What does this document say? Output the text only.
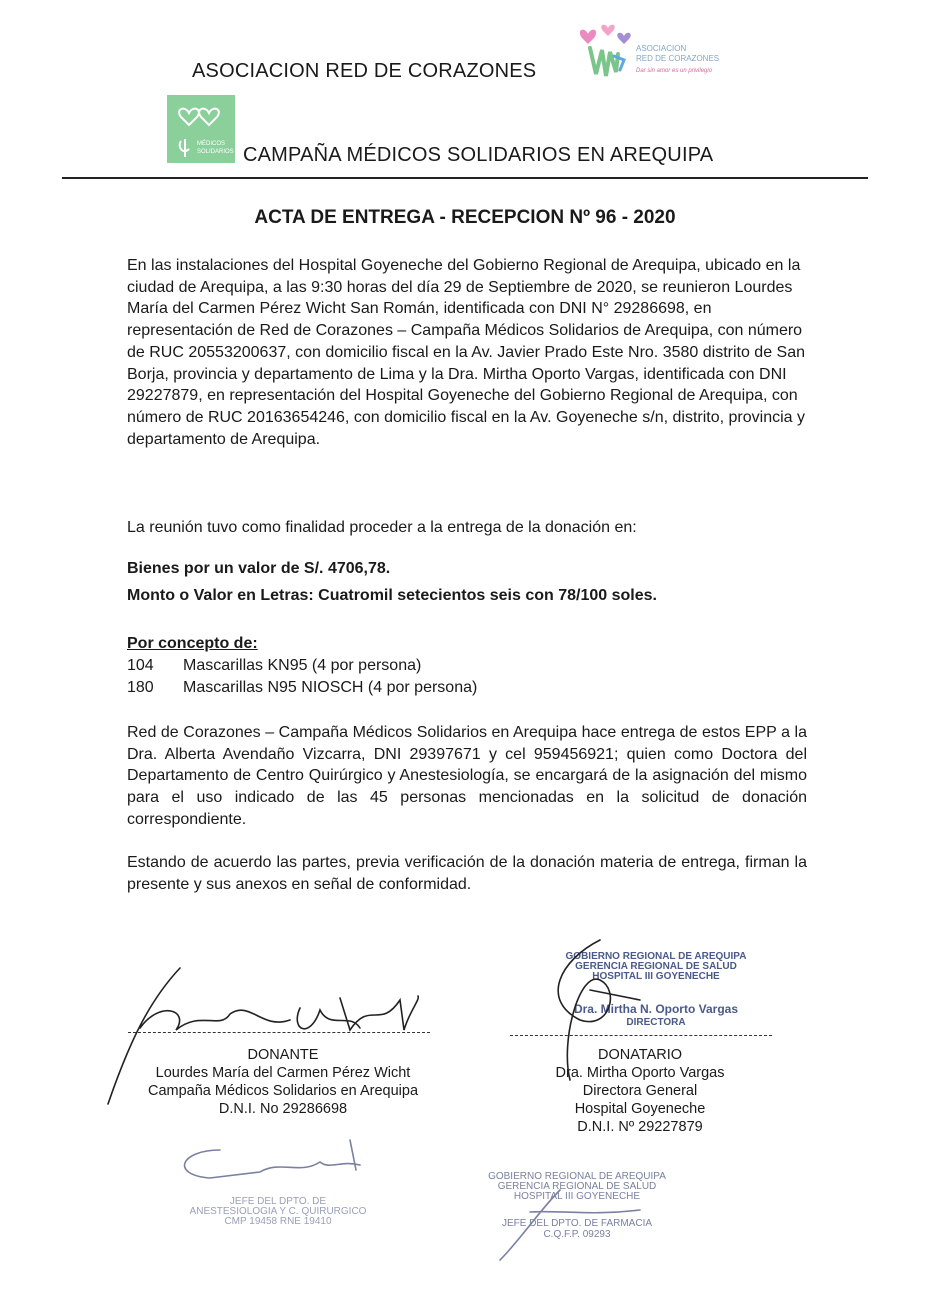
ASOCIACION RED DE CORAZONES
ASOCIACION
RED DE CORAZONES
Dar sin amor es un privilegio
MÉDICOS
SOLIDARIOS CAMPAÑA MÉDICOS SOLIDARIOS EN AREQUIPA
ACTA DE ENTREGA - RECEPCION Nº 96 - 2020
En las instalaciones del Hospital Goyeneche del Gobierno Regional de Arequipa, ubicado en la ciudad de Arequipa, a las 9:30 horas del día 29 de Septiembre de 2020, se reunieron Lourdes María del Carmen Pérez Wicht San Román, identificada con DNI N° 29286698, en representación de Red de Corazones – Campaña Médicos Solidarios de Arequipa, con número de RUC 20553200637, con domicilio fiscal en la Av. Javier Prado Este Nro. 3580 distrito de San Borja, provincia y departamento de Lima y la Dra. Mirtha Oporto Vargas, identificada con DNI 29227879, en representación del Hospital Goyeneche del Gobierno Regional de Arequipa, con número de RUC 20163654246, con domicilio fiscal en la Av. Goyeneche s/n, distrito, provincia y departamento de Arequipa.
La reunión tuvo como finalidad proceder a la entrega de la donación en:
Bienes por un valor de S/. 4706,78.
Monto o Valor en Letras: Cuatromil setecientos seis con 78/100 soles.
Por concepto de:
104 Mascarillas KN95 (4 por persona)
180 Mascarillas N95 NIOSCH (4 por persona)
Red de Corazones – Campaña Médicos Solidarios en Arequipa hace entrega de estos EPP a la Dra. Alberta Avendaño Vizcarra, DNI 29397671 y cel 959456921; quien como Doctora del Departamento de Centro Quirúrgico y Anestesiología, se encargará de la asignación del mismo para el uso indicado de las 45 personas mencionadas en la solicitud de donación correspondiente.
Estando de acuerdo las partes, previa verificación de la donación materia de entrega, firman la presente y sus anexos en señal de conformidad.
GOBIERNO REGIONAL DE AREQUIPA
GERENCIA REGIONAL DE SALUD
HOSPITAL III GOYENECHE
Dra. Mirtha N. Oporto Vargas
DIRECTORA
GOBIERNO REGIONAL DE AREQUIPA
GERENCIA REGIONAL DE SALUD
HOSPITAL III GOYENECHE
JEFE DEL DPTO. DE FARMACIA
C.Q.F.P. 09293
JEFE DEL DPTO. DE
ANESTESIOLOGIA Y C. QUIRURGICO
CMP 19458 RNE 19410
DONANTE
Lourdes María del Carmen Pérez Wicht
Campaña Médicos Solidarios en Arequipa
D.N.I. No 29286698
DONATARIO
Dra. Mirtha Oporto Vargas
Directora General
Hospital Goyeneche
D.N.I. Nº 29227879
